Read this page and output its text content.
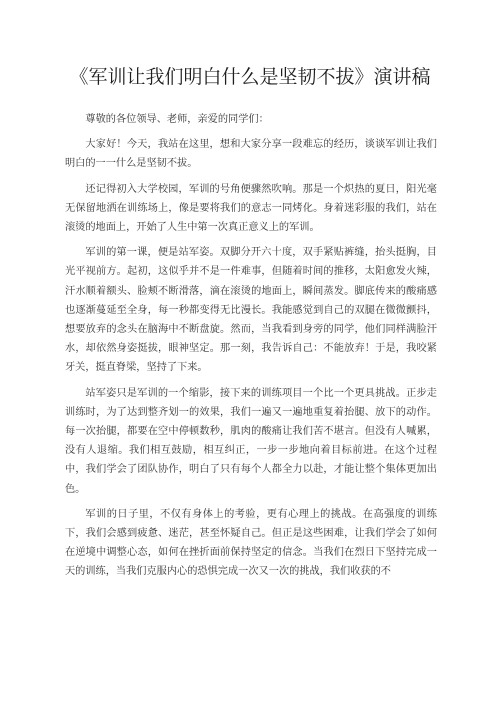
《军训让我们明白什么是坚韧不拔》演讲稿

尊敬的各位领导、老师，亲爱的同学们：

大家好！今天，我站在这里，想和大家分享一段难忘的经历，谈谈军训让我们明白的一一什么是坚韧不拔。

还记得初入大学校园，军训的号角便骤然吹响。那是一个炽热的夏日，阳光毫无保留地洒在训练场上，像是要将我们的意志一同烤化。身着迷彩服的我们，站在滚烫的地面上，开始了人生中第一次真正意义上的军训。

军训的第一课，便是站军姿。双脚分开六十度，双手紧贴裤缝，抬头挺胸，目光平视前方。起初，这似乎并不是一件难事，但随着时间的推移，太阳愈发火辣，汗水顺着额头、脸颊不断滑落，滴在滚烫的地面上，瞬间蒸发。脚底传来的酸痛感也逐渐蔓延至全身，每一秒都变得无比漫长。我能感觉到自己的双腿在微微颤抖，想要放弃的念头在脑海中不断盘旋。然而，当我看到身旁的同学，他们同样满脸汗水，却依然身姿挺拔，眼神坚定。那一刻，我告诉自己：不能放弃！于是，我咬紧牙关，挺直脊梁，坚持了下来。

站军姿只是军训的一个缩影，接下来的训练项目一个比一个更具挑战。正步走训练时，为了达到整齐划一的效果，我们一遍又一遍地重复着抬腿、放下的动作。每一次抬腿，都要在空中停顿数秒，肌肉的酸痛让我们苦不堪言。但没有人喊累，没有人退缩。我们相互鼓励，相互纠正，一步一步地向着目标前进。在这个过程中，我们学会了团队协作，明白了只有每个人都全力以赴，才能让整个集体更加出色。

军训的日子里，不仅有身体上的考验，更有心理上的挑战。在高强度的训练下，我们会感到疲惫、迷茫，甚至怀疑自己。但正是这些困难，让我们学会了如何在逆境中调整心态，如何在挫折面前保持坚定的信念。当我们在烈日下坚持完成一天的训练，当我们克服内心的恐惧完成一次又一次的挑战，我们收获的不
